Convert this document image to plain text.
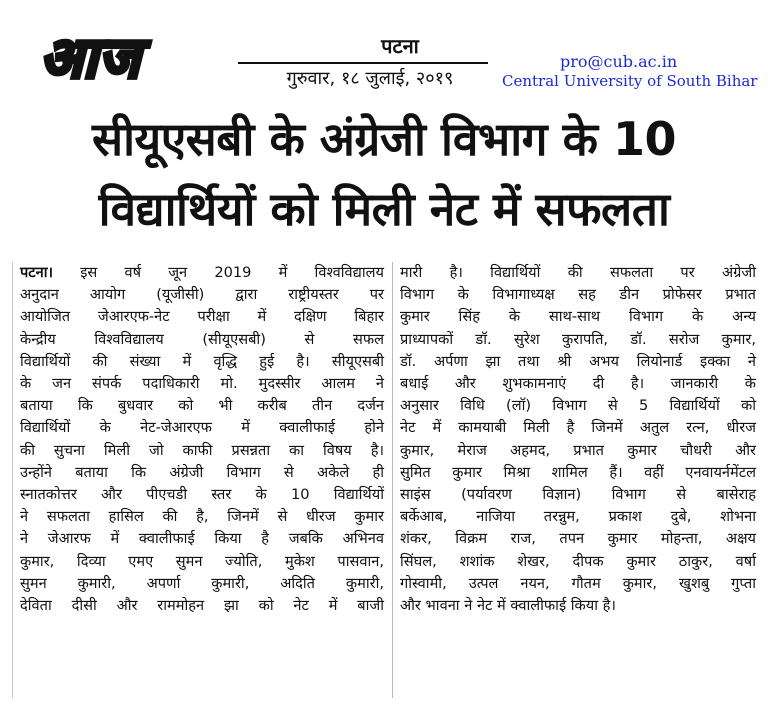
आज	पटना
गुरुवार, १८ जुलाई, २०१९
pro@cub.ac.in
Central University of South Bihar
सीयूएसबी के अंग्रेजी विभाग के 10
विद्यार्थियों को मिली नेट में सफलता
पटना। इस वर्ष जून 2019 में विश्वविद्यालय
अनुदान आयोग (यूजीसी) द्वारा राष्ट्रीयस्तर पर
आयोजित जेआरएफ-नेट परीक्षा में दक्षिण बिहार
केन्द्रीय विश्वविद्यालय (सीयूएसबी) से सफल
विद्यार्थियों की संख्या में वृद्धि हुई है। सीयूएसबी
के जन संपर्क पदाधिकारी मो. मुदस्सीर आलम ने
बताया कि बुधवार को भी करीब तीन दर्जन
विद्यार्थियों के नेट-जेआरएफ में क्वालीफाई होने
की सुचना मिली जो काफी प्रसन्नता का विषय है।
उन्होंने बताया कि अंग्रेजी विभाग से अकेले ही
स्नातकोत्तर और पीएचडी स्तर के 10 विद्यार्थियों
ने सफलता हासिल की है, जिनमें से धीरज कुमार
ने जेआरफ में क्वालीफाई किया है जबकि अभिनव
कुमार, दिव्या एमए सुमन ज्योति, मुकेश पासवान,
सुमन कुमारी, अपर्णा कुमारी, अदिति कुमारी,
देविता दीसी और राममोहन झा को नेट में बाजी
मारी है। विद्यार्थियों की सफलता पर अंग्रेजी
विभाग के विभागाध्यक्ष सह डीन प्रोफेसर प्रभात
कुमार सिंह के साथ-साथ विभाग के अन्य
प्राध्यापकों डॉ. सुरेश कुरापति, डॉ. सरोज कुमार,
डॉ. अर्पणा झा तथा श्री अभय लियोनार्ड इक्का ने
बधाई और शुभकामनाएं दी है। जानकारी के
अनुसार विधि (लॉ) विभाग से 5 विद्यार्थियों को
नेट में कामयाबी मिली है जिनमें अतुल रत्न, धीरज
कुमार, मेराज अहमद, प्रभात कुमार चौधरी और
सुमित कुमार मिश्रा शामिल हैं। वहीं एनवायर्नमेंटल
साइंस (पर्यावरण विज्ञान) विभाग से बासेराह
बर्केआब, नाजिया तरन्नुम, प्रकाश दुबे, शोभना
शंकर, विक्रम राज, तपन कुमार मोहन्ता, अक्षय
सिंघल, शशांक शेखर, दीपक कुमार ठाकुर, वर्षा
गोस्वामी, उत्पल नयन, गौतम कुमार, खुशबु गुप्ता
और भावना ने नेट में क्वालीफाई किया है।
